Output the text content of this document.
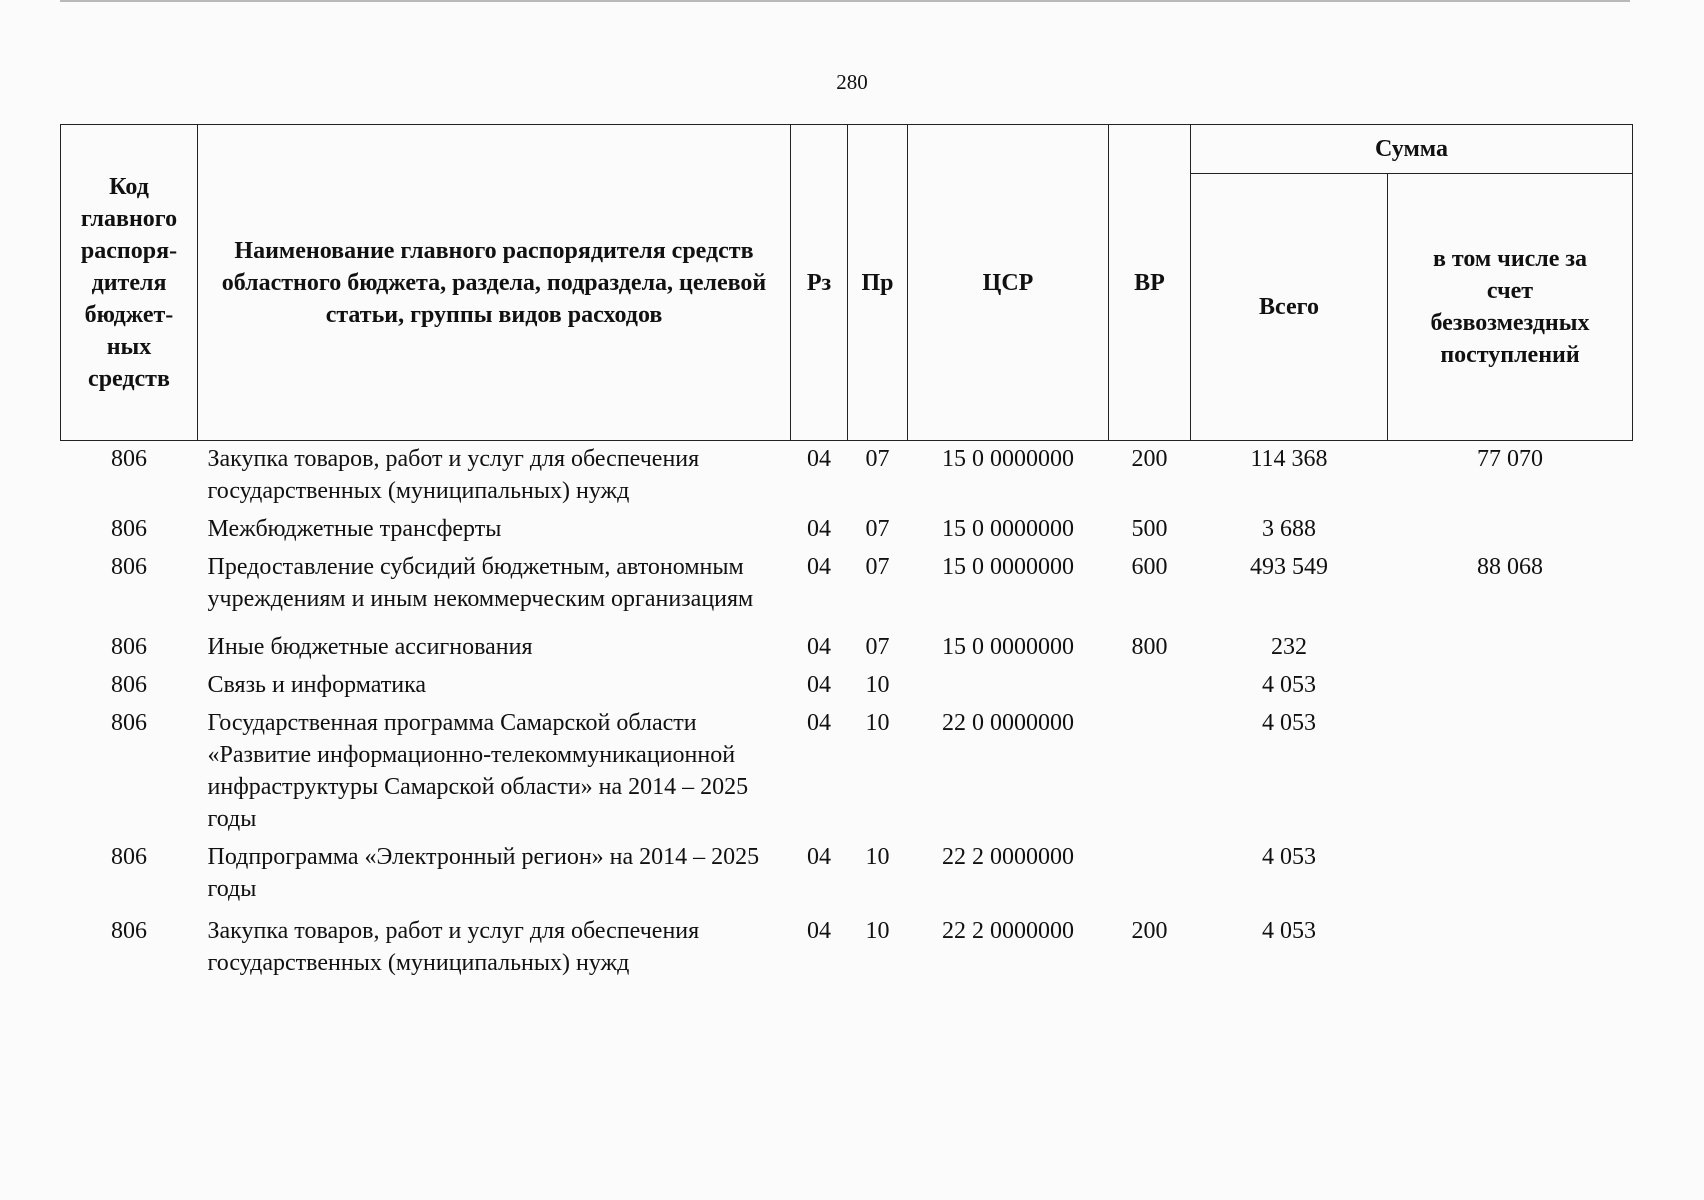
280
Код главного распоря-дителя бюджет-ных средств	Наименование главного распорядителя средств областного бюджета, раздела, подраздела, целевой статьи, группы видов расходов	Рз	Пр	ЦСР	ВР	Сумма	
						Всего	в том числе за счет безвозмездных поступлений
806	Закупка товаров, работ и услуг для обеспечения государственных (муниципальных) нужд	04	07	15 0 0000000	200	114 368	77 070
806	Межбюджетные трансферты	04	07	15 0 0000000	500	3 688	
806	Предоставление субсидий бюджетным, автономным учреждениям и иным некоммерческим организациям	04	07	15 0 0000000	600	493 549	88 068
806	Иные бюджетные ассигнования	04	07	15 0 0000000	800	232	
806	Связь и информатика	04	10			4 053	
806	Государственная программа Самарской области «Развитие информационно-телекоммуникационной инфраструктуры Самарской области» на 2014 – 2025 годы	04	10	22 0 0000000		4 053	
806	Подпрограмма «Электронный регион» на 2014 – 2025 годы	04	10	22 2 0000000		4 053	
806	Закупка товаров, работ и услуг для обеспечения государственных (муниципальных) нужд	04	10	22 2 0000000	200	4 053	
